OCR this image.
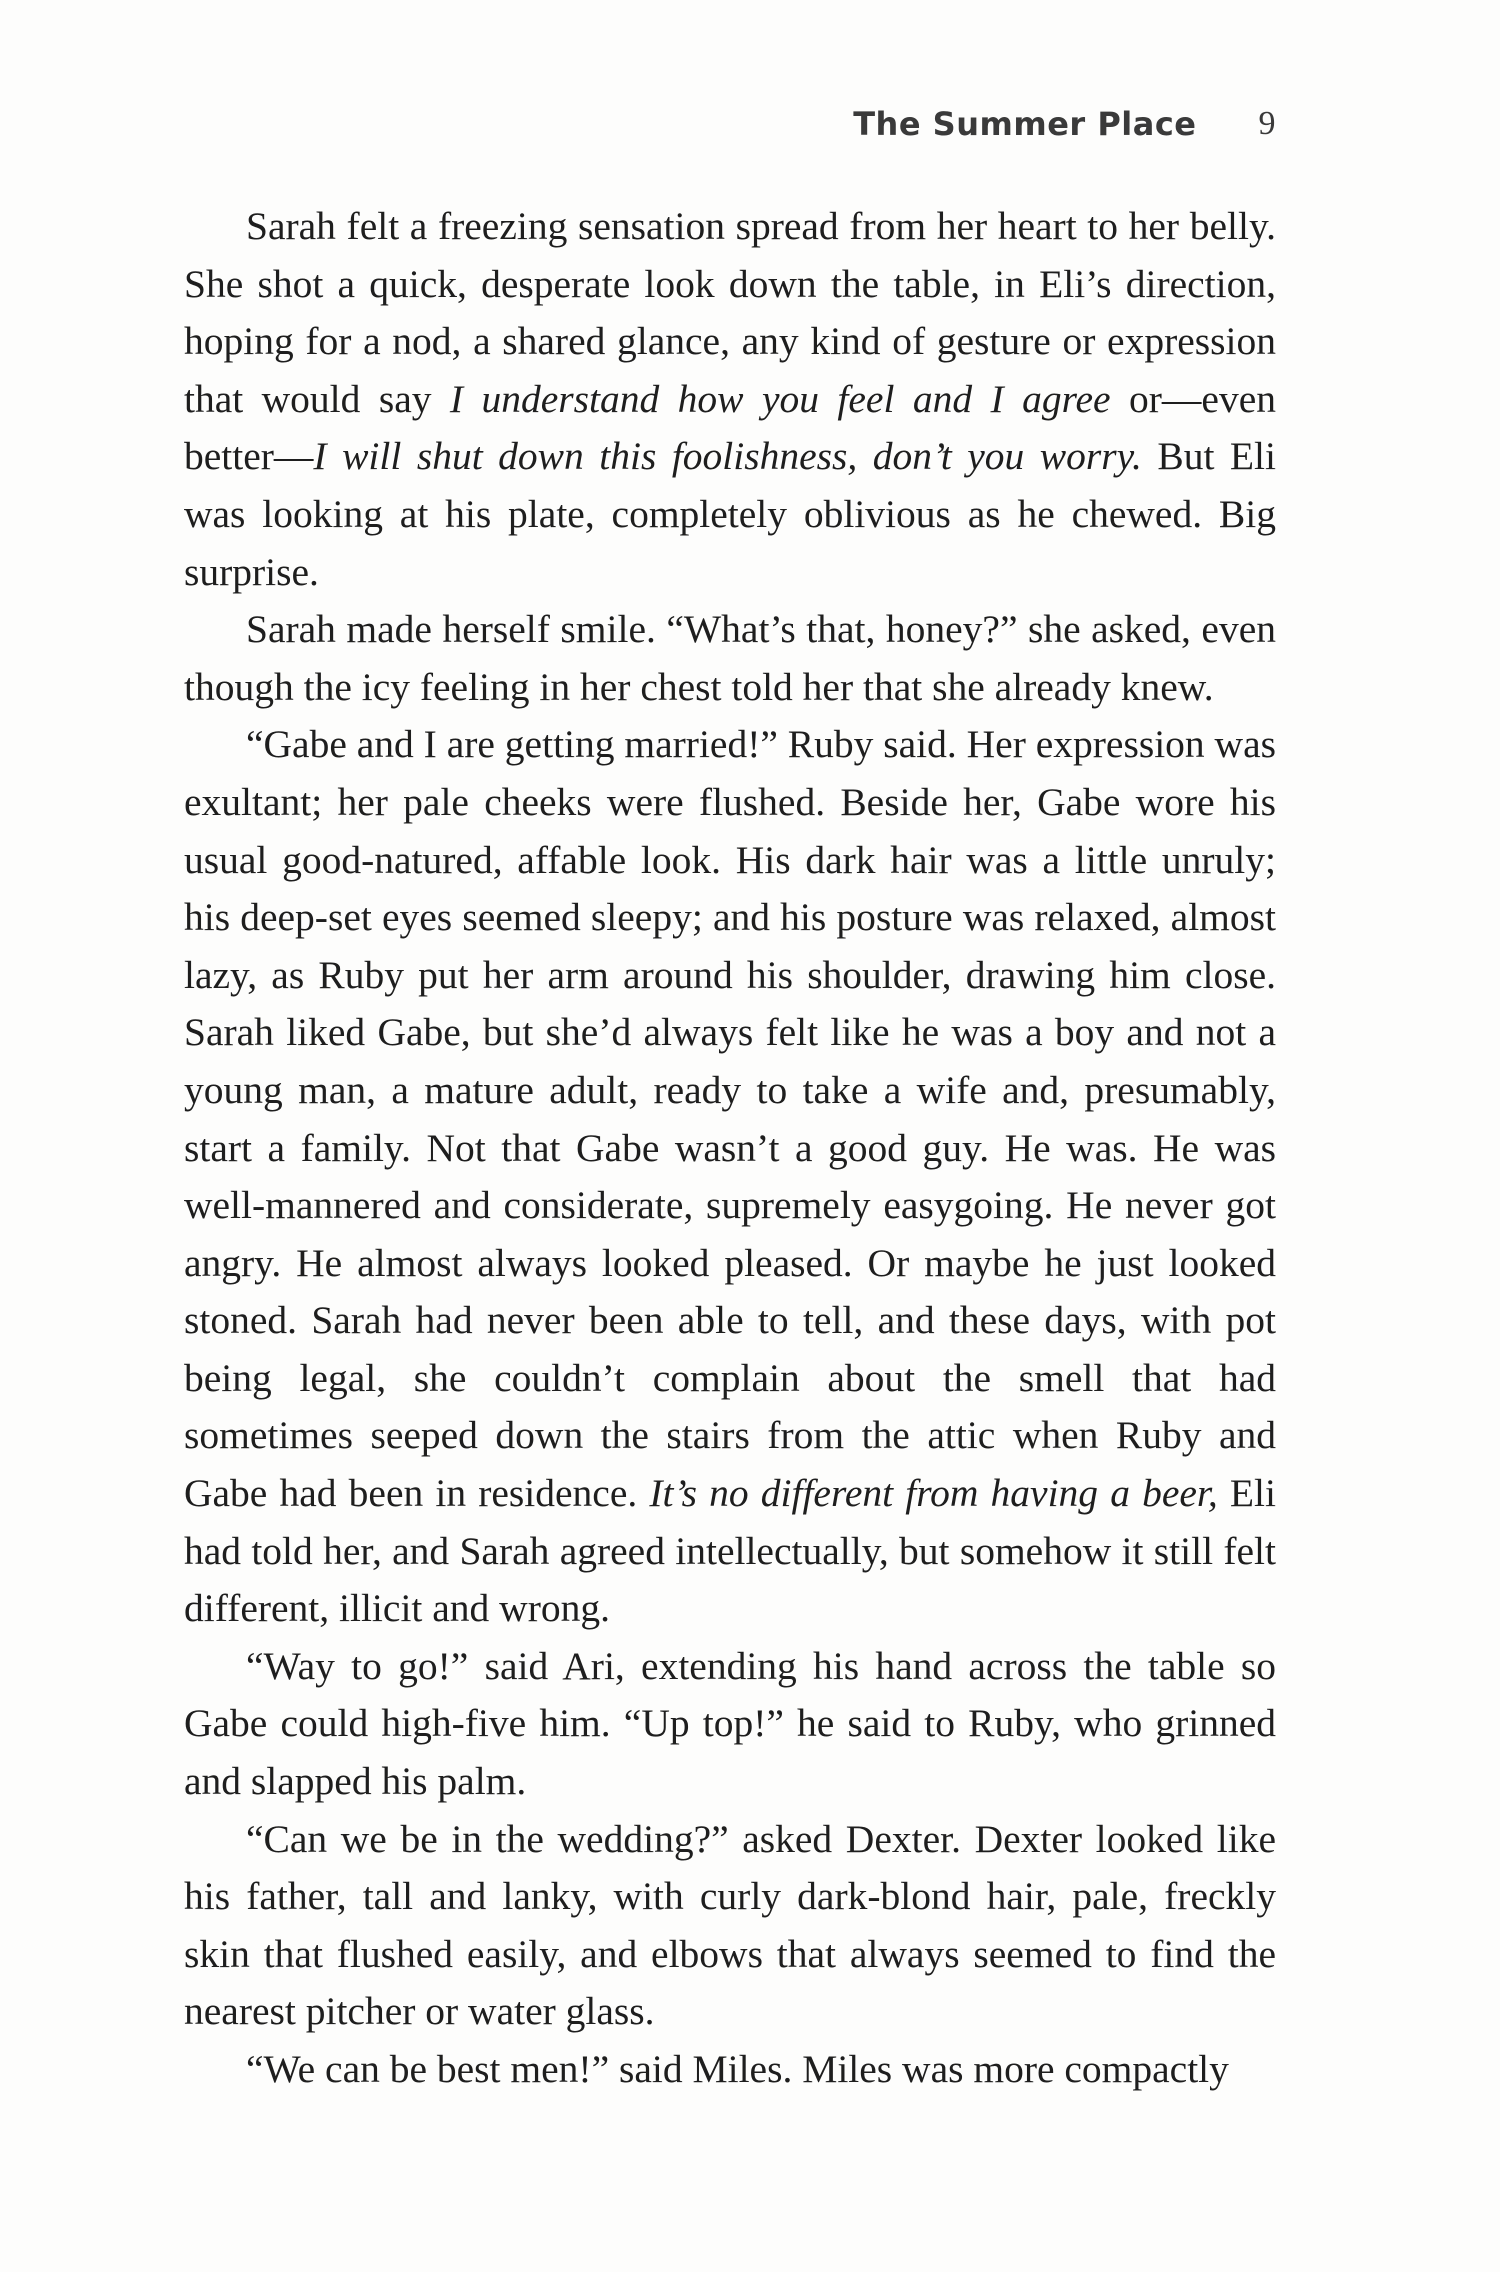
The Summer Place 9

Sarah felt a freezing sensation spread from her heart to her belly. She shot a quick, desperate look down the table, in Eli’s direction, hoping for a nod, a shared glance, any kind of gesture or expression that would say I understand how you feel and I agree or—even better—I will shut down this foolishness, don’t you worry. But Eli was looking at his plate, completely oblivious as he chewed. Big surprise.

Sarah made herself smile. “What’s that, honey?” she asked, even though the icy feeling in her chest told her that she already knew.

“Gabe and I are getting married!” Ruby said. Her expression was exultant; her pale cheeks were flushed. Beside her, Gabe wore his usual good-natured, affable look. His dark hair was a little unruly; his deep-set eyes seemed sleepy; and his posture was relaxed, almost lazy, as Ruby put her arm around his shoulder, drawing him close. Sarah liked Gabe, but she’d always felt like he was a boy and not a young man, a mature adult, ready to take a wife and, presumably, start a family. Not that Gabe wasn’t a good guy. He was. He was well-mannered and considerate, supremely easygoing. He never got angry. He almost always looked pleased. Or maybe he just looked stoned. Sarah had never been able to tell, and these days, with pot being legal, she couldn’t complain about the smell that had sometimes seeped down the stairs from the attic when Ruby and Gabe had been in residence. It’s no different from having a beer, Eli had told her, and Sarah agreed intellectually, but somehow it still felt different, illicit and wrong.

“Way to go!” said Ari, extending his hand across the table so Gabe could high-five him. “Up top!” he said to Ruby, who grinned and slapped his palm.

“Can we be in the wedding?” asked Dexter. Dexter looked like his father, tall and lanky, with curly dark-blond hair, pale, freckly skin that flushed easily, and elbows that always seemed to find the nearest pitcher or water glass.

“We can be best men!” said Miles. Miles was more compactly
